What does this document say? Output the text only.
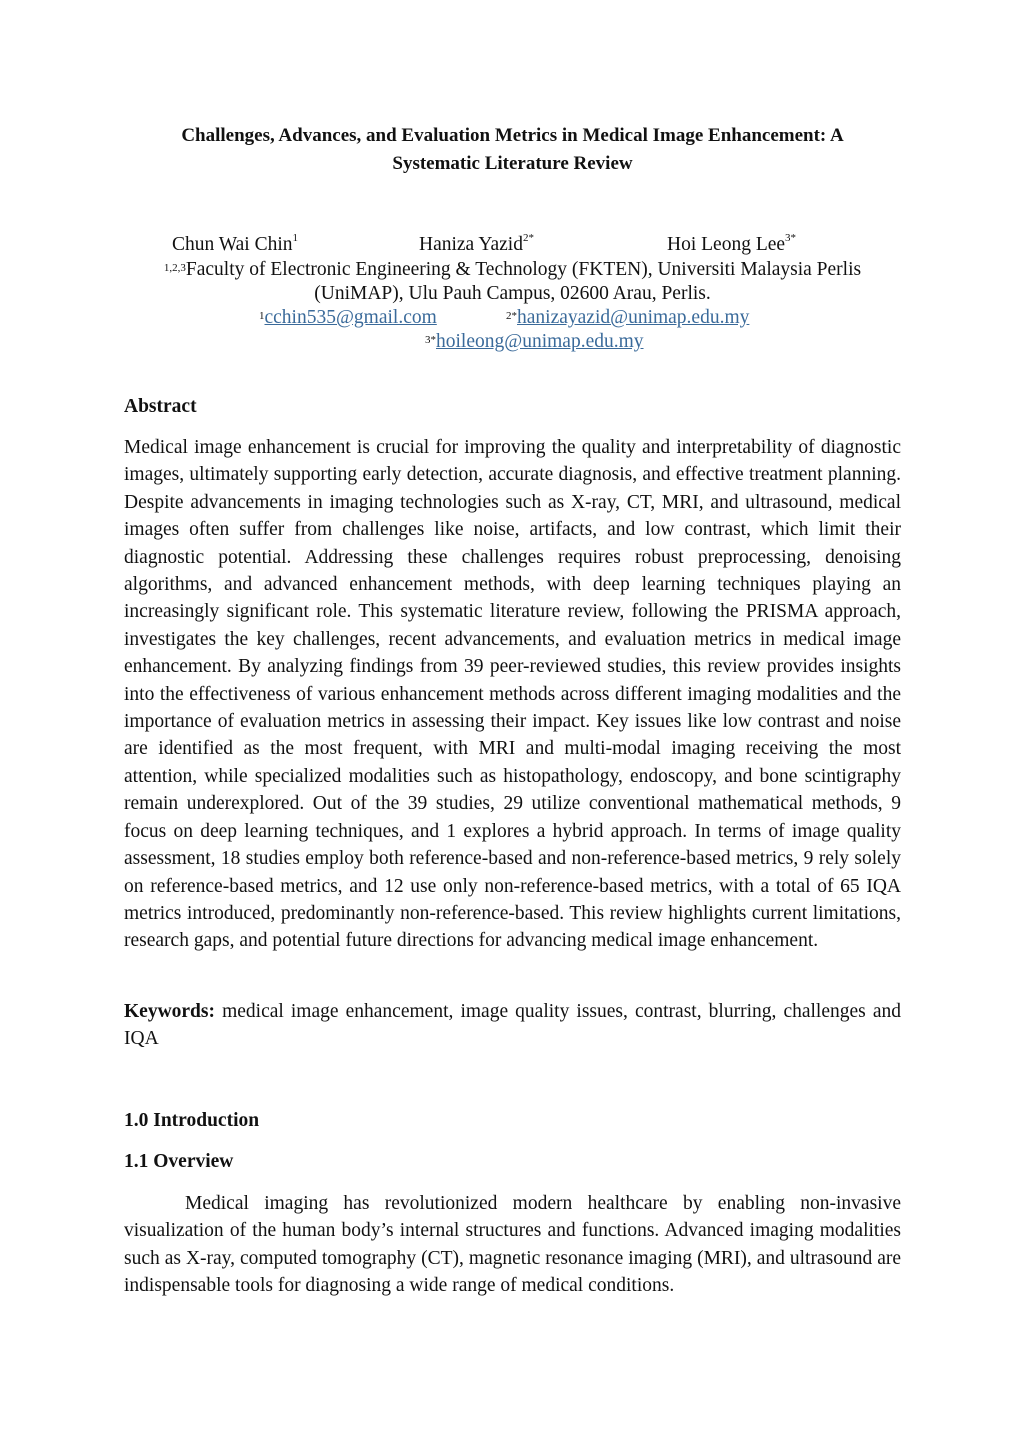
Challenges, Advances, and Evaluation Metrics in Medical Image Enhancement: A
Systematic Literature Review
Chun Wai Chin$^1$	Haniza Yazid$^{2*}$	Hoi Leong Lee$^{3*}$
$^{1,2,3}$Faculty of Electronic Engineering & Technology (FKTEN), Universiti Malaysia Perlis
(UniMAP), Ulu Pauh Campus, 02600 Arau, Perlis.
$^1$cchin535@gmail.com	$^{2*}$hanizayazid@unimap.edu.my
$^{3*}$hoileong@unimap.edu.my
Abstract

Medical image enhancement is crucial for improving the quality and interpretability of diagnostic images, ultimately supporting early detection, accurate diagnosis, and effective treatment planning. Despite advancements in imaging technologies such as X-ray, CT, MRI, and ultrasound, medical images often suffer from challenges like noise, artifacts, and low contrast, which limit their diagnostic potential. Addressing these challenges requires robust preprocessing, denoising algorithms, and advanced enhancement methods, with deep learning techniques playing an increasingly significant role. This systematic literature review, following the PRISMA approach, investigates the key challenges, recent advancements, and evaluation metrics in medical image enhancement. By analyzing findings from 39 peer-reviewed studies, this review provides insights into the effectiveness of various enhancement methods across different imaging modalities and the importance of evaluation metrics in assessing their impact. Key issues like low contrast and noise are identified as the most frequent, with MRI and multi-modal imaging receiving the most attention, while specialized modalities such as histopathology, endoscopy, and bone scintigraphy remain underexplored. Out of the 39 studies, 29 utilize conventional mathematical methods, 9 focus on deep learning techniques, and 1 explores a hybrid approach. In terms of image quality assessment, 18 studies employ both reference-based and non-reference-based metrics, 9 rely solely on reference-based metrics, and 12 use only non-reference-based metrics, with a total of 65 IQA metrics introduced, predominantly non-reference-based. This review highlights current limitations, research gaps, and potential future directions for advancing medical image enhancement.

Keywords: medical image enhancement, image quality issues, contrast, blurring, challenges and IQA

1.0 Introduction
1.1 Overview

Medical imaging has revolutionized modern healthcare by enabling non-invasive visualization of the human body’s internal structures and functions. Advanced imaging modalities such as X-ray, computed tomography (CT), magnetic resonance imaging (MRI), and ultrasound are indispensable tools for diagnosing a wide range of medical conditions.
